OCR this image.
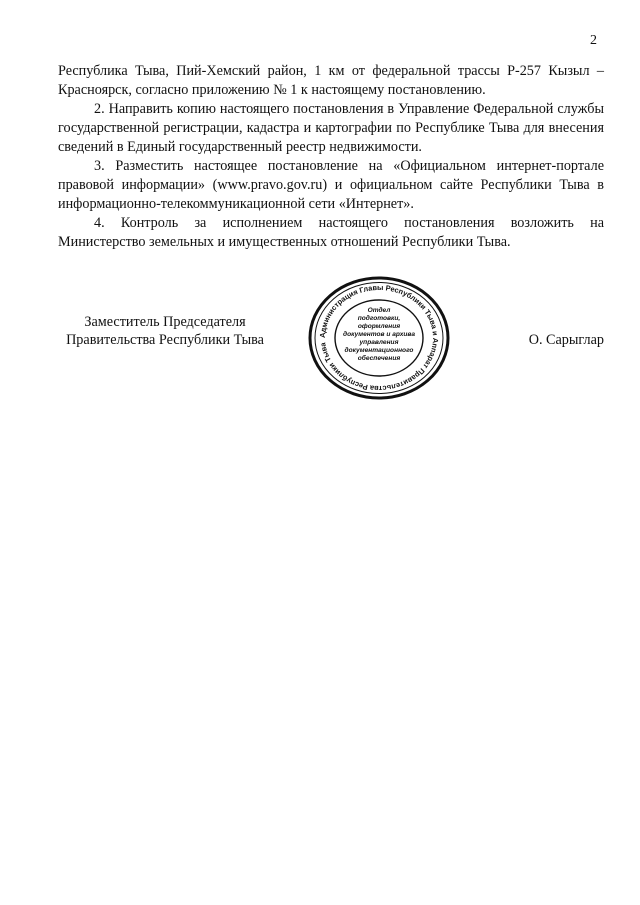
2

Республика Тыва, Пий-Хемский район, 1 км от федеральной трассы Р-257 Кызыл – Красноярск, согласно приложению № 1 к настоящему постановлению.

2. Направить копию настоящего постановления в Управление Федеральной службы государственной регистрации, кадастра и картографии по Республике Тыва для внесения сведений в Единый государственный реестр недвижимости.

3. Разместить настоящее постановление на «Официальном интернет-портале правовой информации» (www.pravo.gov.ru) и официальном сайте Республики Тыва в информационно-телекоммуникационной сети «Интернет».

4. Контроль за исполнением настоящего постановления возложить на Министерство земельных и имущественных отношений Республики Тыва.

Заместитель Председателя
Правительства Республики Тыва	О. Сарыглар
Администрация Главы Республики Тыва и Аппарат Правительства Республики Тыва
Отдел
подготовки,
оформления
документов и архива
управления
документационного
обеспечения
